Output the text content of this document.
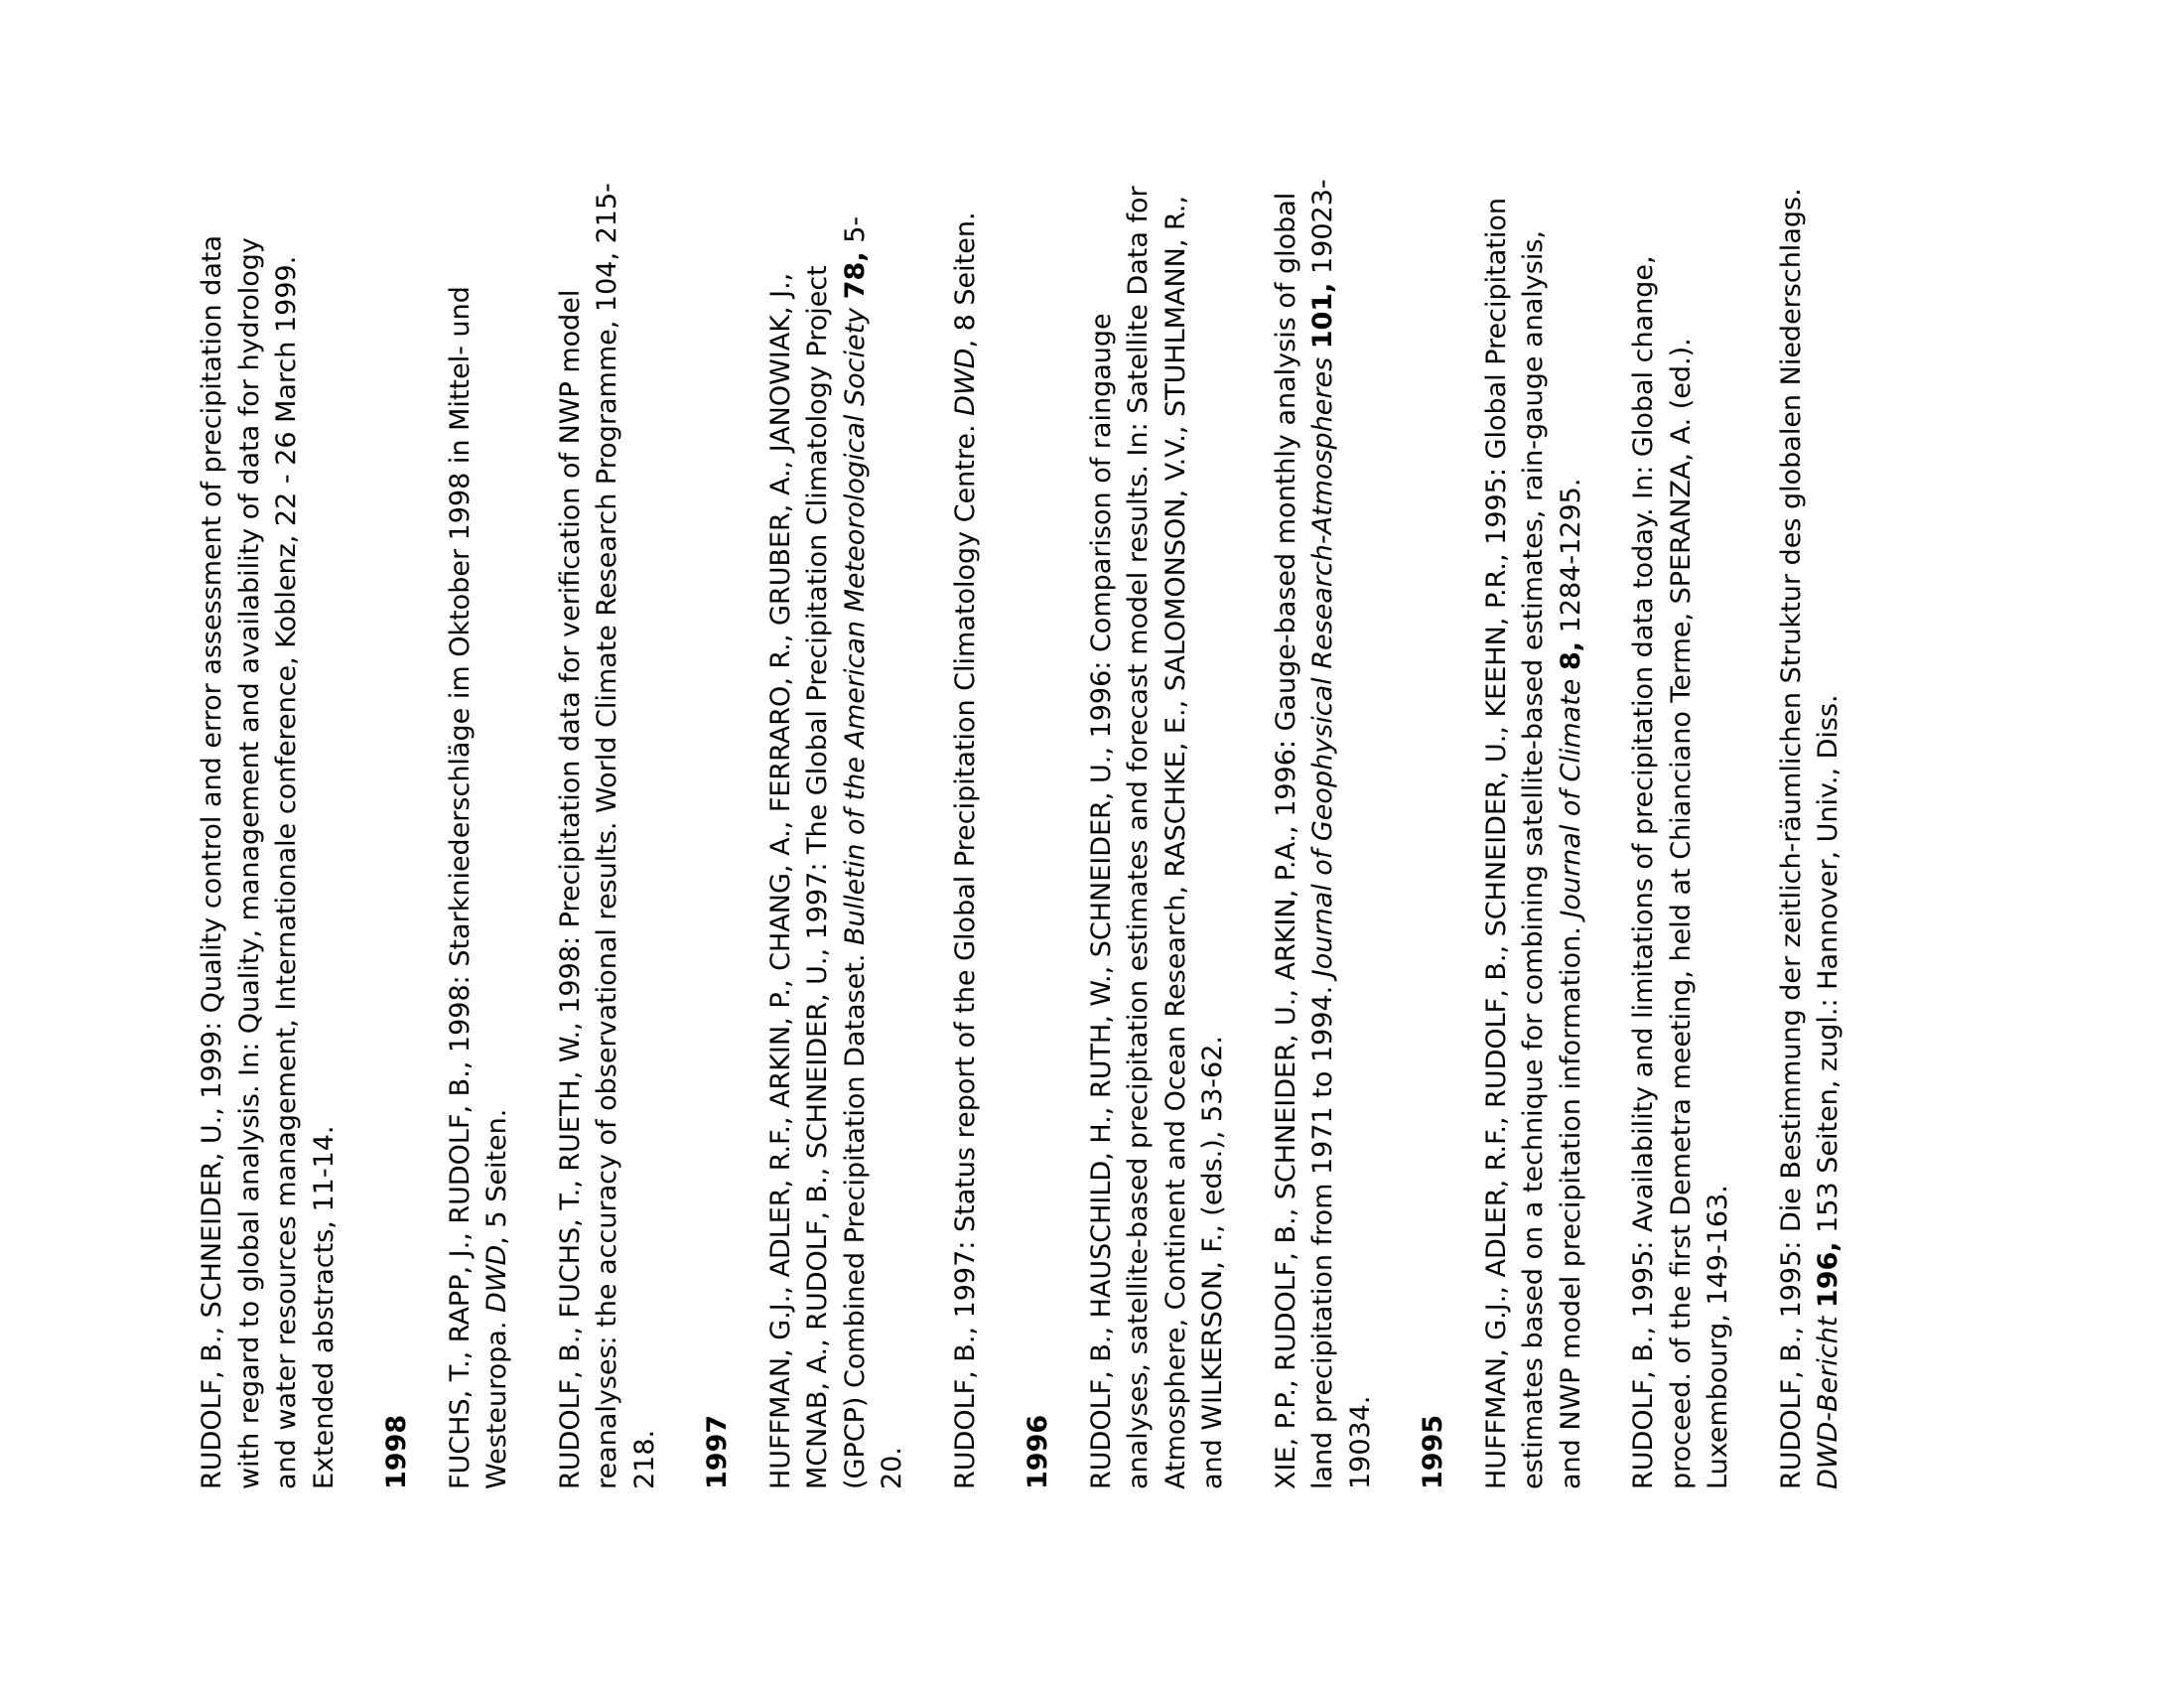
RUDOLF, B., SCHNEIDER, U., 1999: Quality control and error assessment of precipitation data with regard to global analysis. In: Quality, management and availability of data for hydrology and water resources management, Internationale conference, Koblenz, 22 - 26 March 1999. Extended abstracts, 11-14. 1998 FUCHS, T., RAPP, J., RUDOLF, B., 1998: Starkniederschläge im Oktober 1998 in Mittel- und Westeuropa. DWD, 5 Seiten. RUDOLF, B., FUCHS, T., RUETH, W., 1998: Precipitation data for verification of NWP model reanalyses: the accuracy of observational results. World Climate Research Programme, 104, 215-218. 1997 HUFFMAN, G.J., ADLER, R.F., ARKIN, P., CHANG, A., FERRARO, R., GRUBER, A., JANOWIAK, J., MCNAB, A., RUDOLF, B., SCHNEIDER, U., 1997: The Global Precipitation Climatology Project (GPCP) Combined Precipitation Dataset. Bulletin of the American Meteorological Society 78, 5-20. RUDOLF, B., 1997: Status report of the Global Precipitation Climatology Centre. DWD, 8 Seiten.

1996 RUDOLF, B., HAUSCHILD, H., RUTH, W., SCHNEIDER, U., 1996: Comparison of raingauge analyses, satellite-based precipitation estimates and forecast model results. In: Satellite Data for Atmosphere, Continent and Ocean Research, RASCHKE, E., SALOMONSON, V.V., STUHLMANN, R., and WILKERSON, F., (eds.), 53-62. XIE, P.P., RUDOLF, B., SCHNEIDER, U., ARKIN, P.A., 1996: Gauge-based monthly analysis of global land precipitation from 1971 to 1994. Journal of Geophysical Research-Atmospheres 101, 19023-19034. 1995 HUFFMAN, G.J., ADLER, R.F., RUDOLF, B., SCHNEIDER, U., KEEHN, P.R., 1995: Global Precipitation estimates based on a technique for combining satellite-based estimates, rain-gauge analysis, and NWP model precipitation information. Journal of Climate 8, 1284-1295. RUDOLF, B., 1995: Availability and limitations of precipitation data today. In: Global change, proceed. of the first Demetra meeting, held at Chianciano Terme, SPERANZA, A. (ed.). Luxembourg, 149-163. RUDOLF, B., 1995: Die Bestimmung der zeitlich-räumlichen Struktur des globalen Niederschlags. DWD-Bericht 196, 153 Seiten, zugl.: Hannover, Univ., Diss.
